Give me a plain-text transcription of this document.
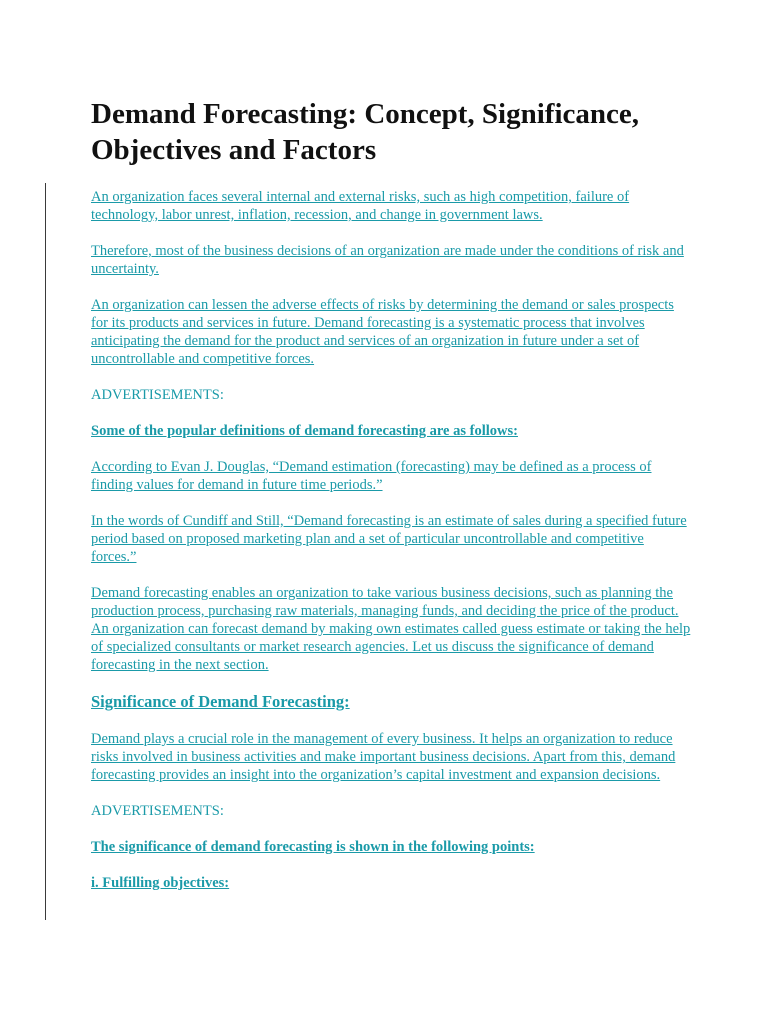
Demand Forecasting: Concept, Significance, Objectives and Factors
An organization faces several internal and external risks, such as high competition, failure of technology, labor unrest, inflation, recession, and change in government laws.
Therefore, most of the business decisions of an organization are made under the conditions of risk and uncertainty.
An organization can lessen the adverse effects of risks by determining the demand or sales prospects for its products and services in future. Demand forecasting is a systematic process that involves anticipating the demand for the product and services of an organization in future under a set of uncontrollable and competitive forces.
ADVERTISEMENTS:
Some of the popular definitions of demand forecasting are as follows:
According to Evan J. Douglas, “Demand estimation (forecasting) may be defined as a process of finding values for demand in future time periods.”
In the words of Cundiff and Still, “Demand forecasting is an estimate of sales during a specified future period based on proposed marketing plan and a set of particular uncontrollable and competitive forces.”
Demand forecasting enables an organization to take various business decisions, such as planning the production process, purchasing raw materials, managing funds, and deciding the price of the product. An organization can forecast demand by making own estimates called guess estimate or taking the help of specialized consultants or market research agencies. Let us discuss the significance of demand forecasting in the next section.
Significance of Demand Forecasting:
Demand plays a crucial role in the management of every business. It helps an organization to reduce risks involved in business activities and make important business decisions. Apart from this, demand forecasting provides an insight into the organization’s capital investment and expansion decisions.
ADVERTISEMENTS:
The significance of demand forecasting is shown in the following points:
i. Fulfilling objectives:
